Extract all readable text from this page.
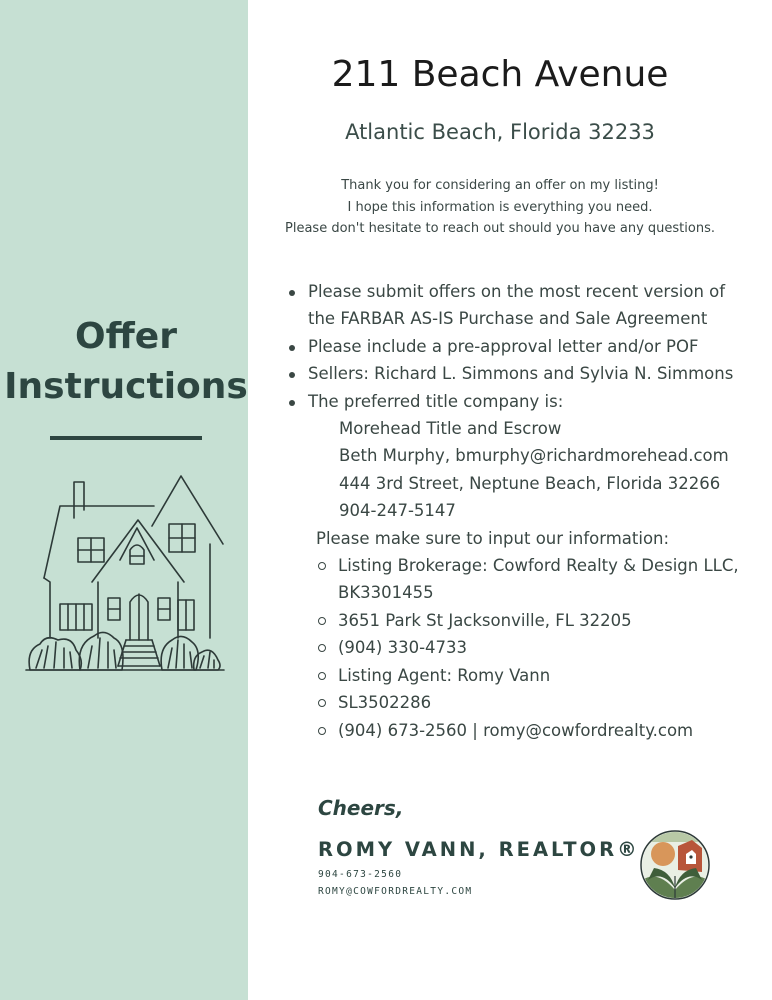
Offer
Instructions
211 Beach Avenue
Atlantic Beach, Florida 32233
Thank you for considering an offer on my listing!
I hope this information is everything you need.
Please don't hesitate to reach out should you have any questions.
Please submit offers on the most recent version of
the FARBAR AS-IS Purchase and Sale Agreement
Please include a pre-approval letter and/or POF
Sellers: Richard L. Simmons and Sylvia N. Simmons
The preferred title company is:
Morehead Title and Escrow
Beth Murphy, bmurphy@richardmorehead.com
444 3rd Street, Neptune Beach, Florida 32266
904-247-5147
Please make sure to input our information:
Listing Brokerage: Cowford Realty & Design LLC,
BK3301455
3651 Park St Jacksonville, FL 32205
(904) 330-4733
Listing Agent: Romy Vann
SL3502286
(904) 673-2560 | romy@cowfordrealty.com
Cheers,
ROMY VANN, REALTOR®
904-673-2560
ROMY@COWFORDREALTY.COM
